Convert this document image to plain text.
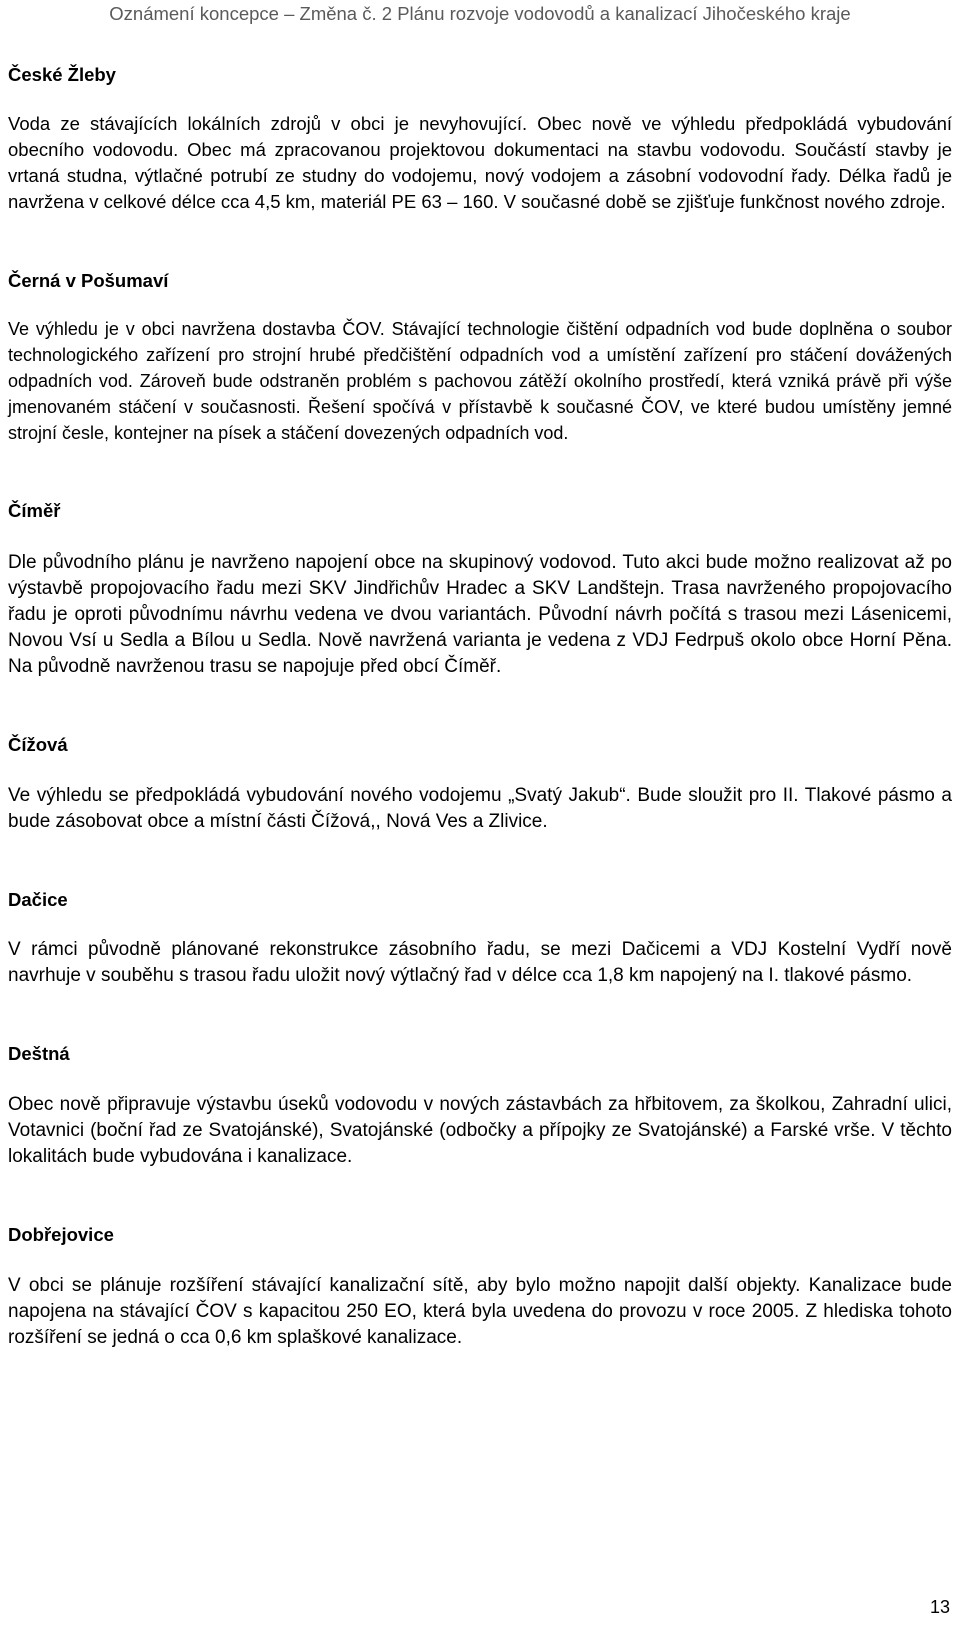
Oznámení koncepce – Změna č. 2 Plánu rozvoje vodovodů a kanalizací Jihočeského kraje

České Žleby

Voda ze stávajících lokálních zdrojů v obci je nevyhovující. Obec nově ve výhledu předpokládá vybudování obecního vodovodu. Obec má zpracovanou projektovou dokumentaci na stavbu vodovodu. Součástí stavby je vrtaná studna, výtlačné potrubí ze studny do vodojemu, nový vodojem a zásobní vodovodní řady. Délka řadů je navržena v celkové délce cca 4,5 km, materiál PE 63 – 160. V současné době se zjišťuje funkčnost nového zdroje.

Černá v Pošumaví

Ve výhledu je v obci navržena dostavba ČOV. Stávající technologie čištění odpadních vod bude doplněna o soubor technologického zařízení pro strojní hrubé předčištění odpadních vod a umístění zařízení pro stáčení dovážených odpadních vod. Zároveň bude odstraněn problém s pachovou zátěží okolního prostředí, která vzniká právě při výše jmenovaném stáčení v současnosti. Řešení spočívá v přístavbě k současné ČOV, ve které budou umístěny jemné strojní česle, kontejner na písek a stáčení dovezených odpadních vod.

Číměř

Dle původního plánu je navrženo napojení obce na skupinový vodovod. Tuto akci bude možno realizovat až po výstavbě propojovacího řadu mezi SKV Jindřichův Hradec a SKV Landštejn. Trasa navrženého propojovacího řadu je oproti původnímu návrhu vedena ve dvou variantách. Původní návrh počítá s trasou mezi Lásenicemi, Novou Vsí u Sedla a Bílou u Sedla. Nově navržená varianta je vedena z VDJ Fedrpuš okolo obce Horní Pěna. Na původně navrženou trasu se napojuje před obcí Číměř.

Čížová

Ve výhledu se předpokládá vybudování nového vodojemu „Svatý Jakub“. Bude sloužit pro II. Tlakové pásmo a bude zásobovat obce a místní části Čížová,, Nová Ves a Zlivice.

Dačice

V rámci původně plánované rekonstrukce zásobního řadu, se mezi Dačicemi a VDJ Kostelní Vydří nově navrhuje v souběhu s trasou řadu uložit nový výtlačný řad v délce cca 1,8 km napojený na I. tlakové pásmo.

Deštná

Obec nově připravuje výstavbu úseků vodovodu v nových zástavbách za hřbitovem, za školkou, Zahradní ulici, Votavnici (boční řad ze Svatojánské), Svatojánské (odbočky a přípojky ze Svatojánské) a Farské vrše. V těchto lokalitách bude vybudována i kanalizace.

Dobřejovice

V obci se plánuje rozšíření stávající kanalizační sítě, aby bylo možno napojit další objekty. Kanalizace bude napojena na stávající ČOV s kapacitou 250 EO, která byla uvedena do provozu v roce 2005. Z hlediska tohoto rozšíření se jedná o cca 0,6 km splaškové kanalizace.

13
